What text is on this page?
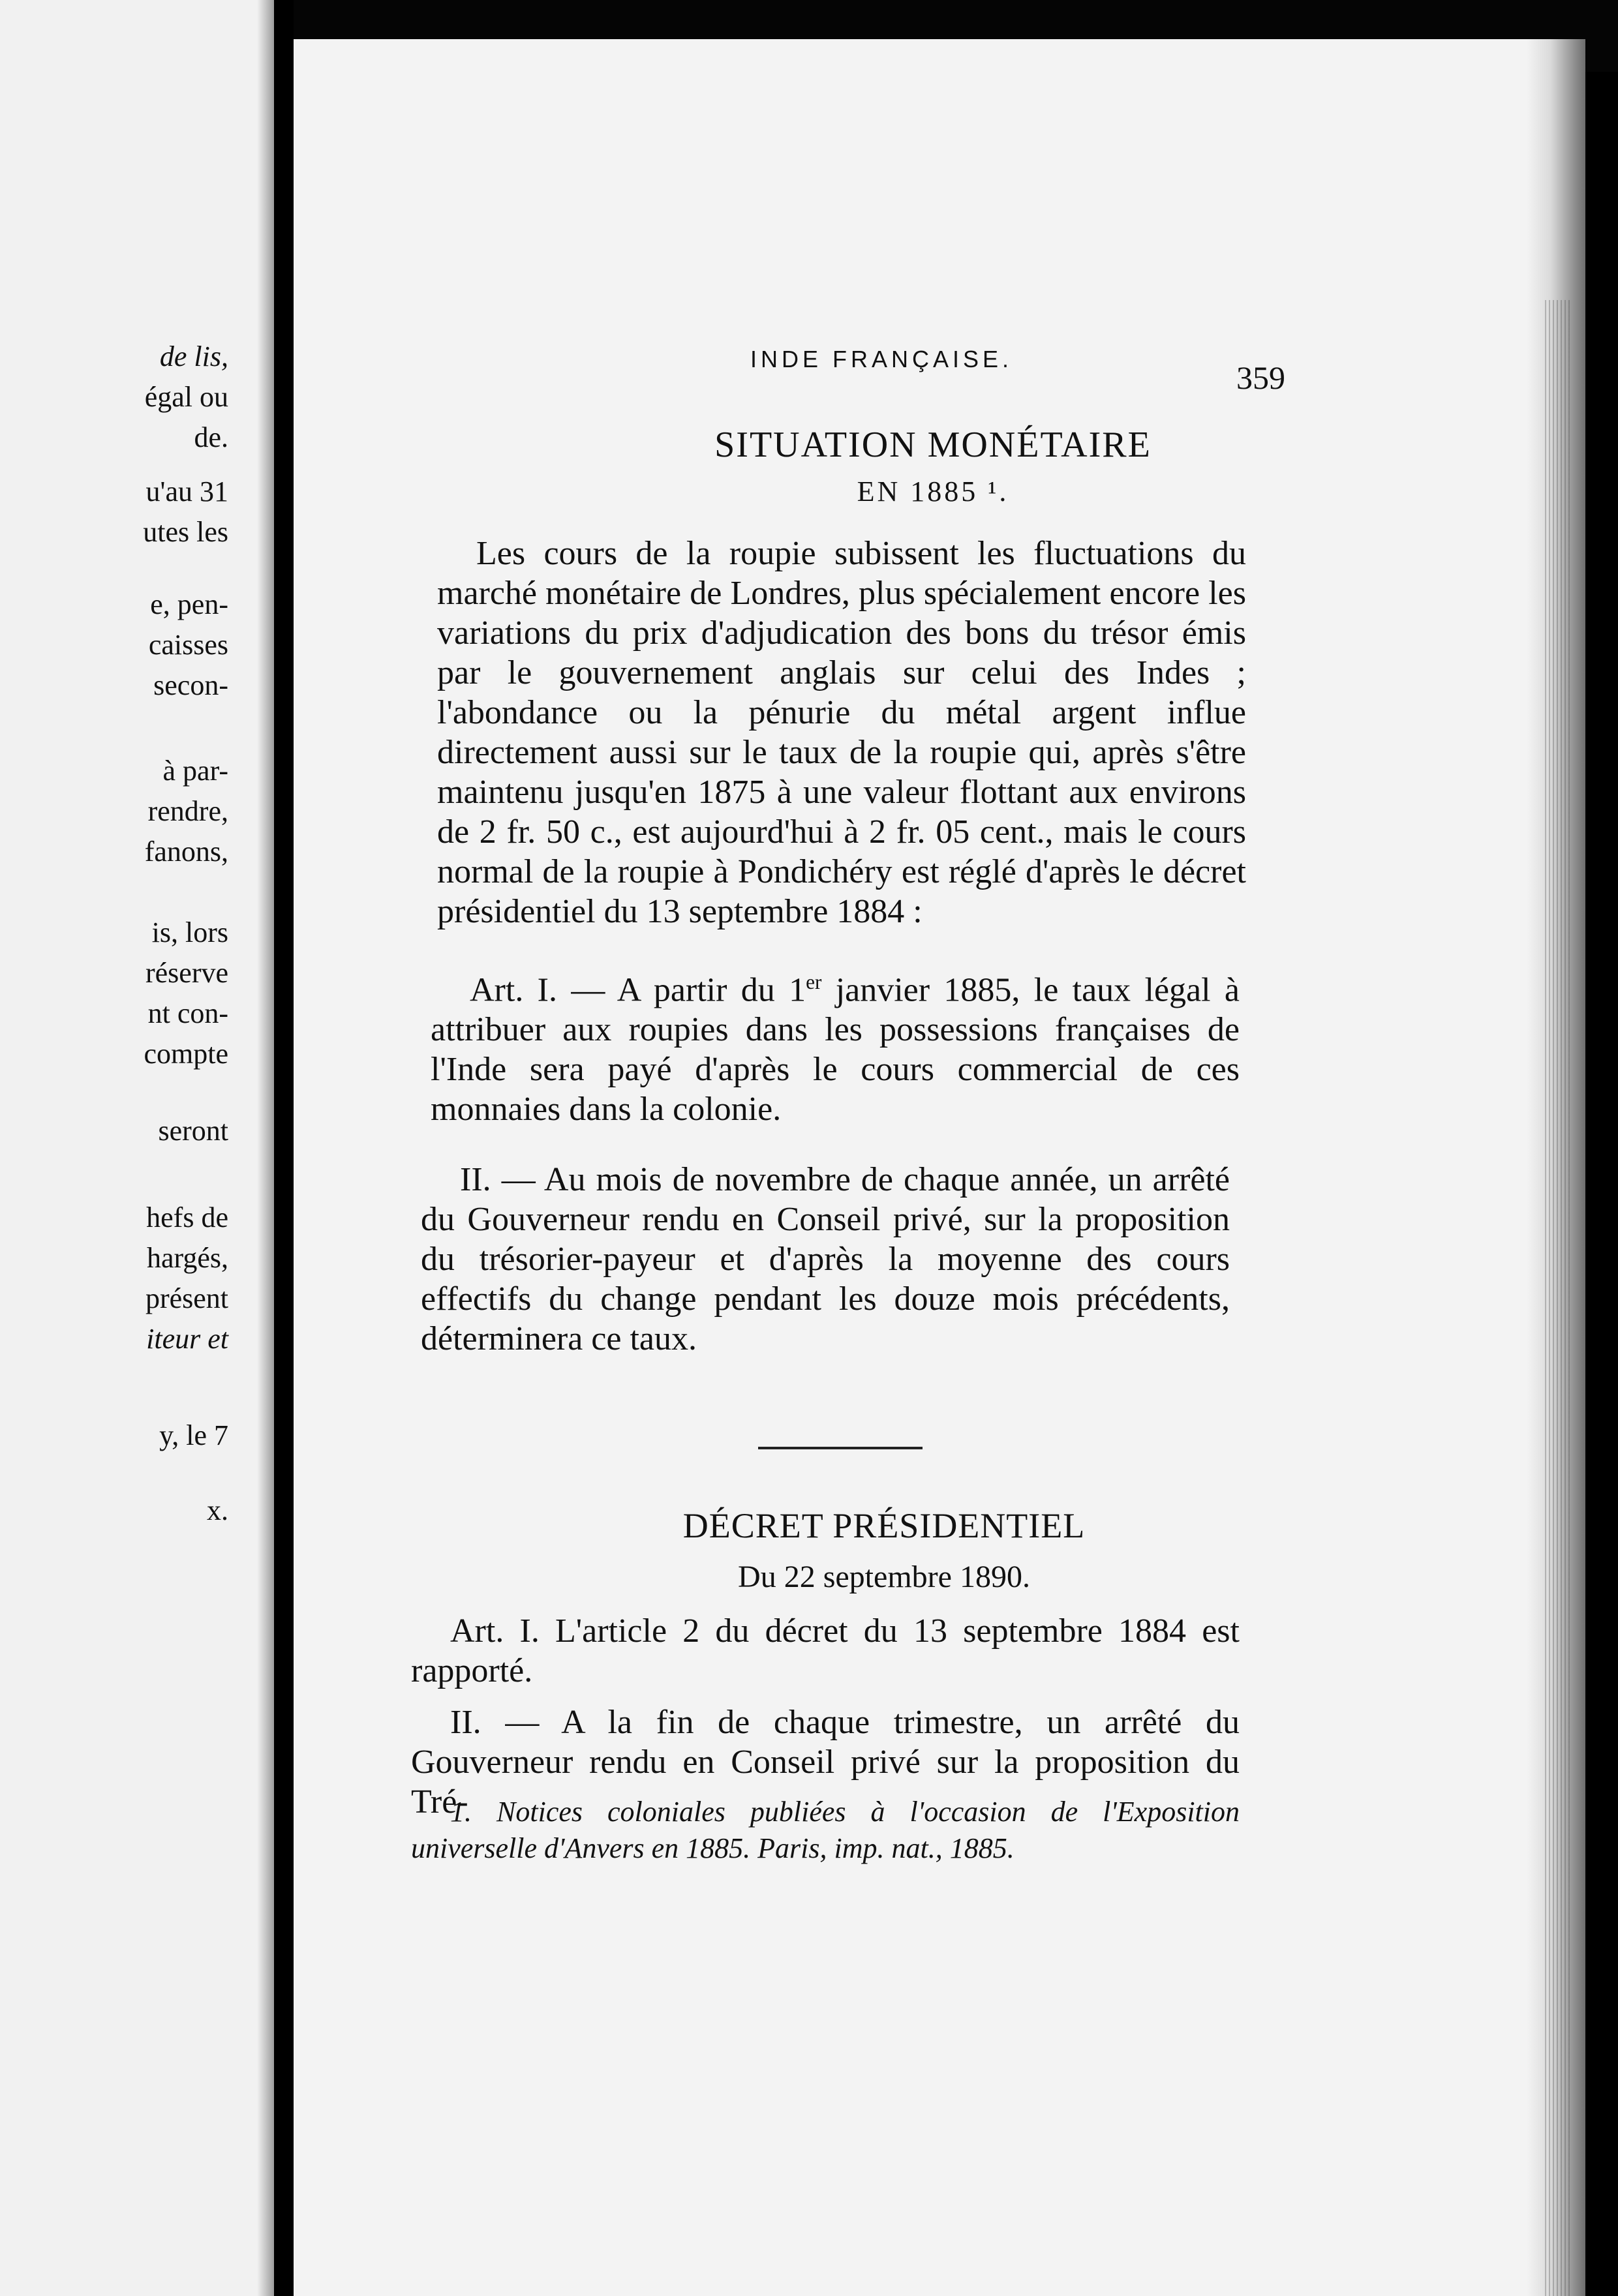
de lis,
égal ou
de.
u'au 31
utes les
e, pen-
caisses
secon-
à par-
rendre,
fanons,
is, lors
réserve
nt con-
compte
seront
hefs de
hargés,
présent
iteur et
y, le 7
x.
INDE FRANÇAISE.
359
SITUATION MONÉTAIRE
EN 1885 ¹.

Les cours de la roupie subissent les fluctuations du marché monétaire de Londres, plus spécialement encore les variations du prix d'adjudication des bons du trésor émis par le gouvernement anglais sur celui des Indes ; l'abondance ou la pénurie du métal argent influe directement aussi sur le taux de la roupie qui, après s'être maintenu jusqu'en 1875 à une valeur flottant aux environs de 2 fr. 50 c., est aujourd'hui à 2 fr. 05 cent., mais le cours normal de la roupie à Pondichéry est réglé d'après le décret présidentiel du 13 septembre 1884 :

Art. I. — A partir du 1er janvier 1885, le taux légal à attribuer aux roupies dans les possessions françaises de l'Inde sera payé d'après le cours commercial de ces monnaies dans la colonie.

II. — Au mois de novembre de chaque année, un arrêté du Gouverneur rendu en Conseil privé, sur la proposition du trésorier-payeur et d'après la moyenne des cours effectifs du change pendant les douze mois précédents, déterminera ce taux.

DÉCRET PRÉSIDENTIEL
Du 22 septembre 1890.

Art. I. L'article 2 du décret du 13 septembre 1884 est rapporté.

II. — A la fin de chaque trimestre, un arrêté du Gouverneur rendu en Conseil privé sur la proposition du Tré-

1. Notices coloniales publiées à l'occasion de l'Exposition universelle d'Anvers en 1885. Paris, imp. nat., 1885.
